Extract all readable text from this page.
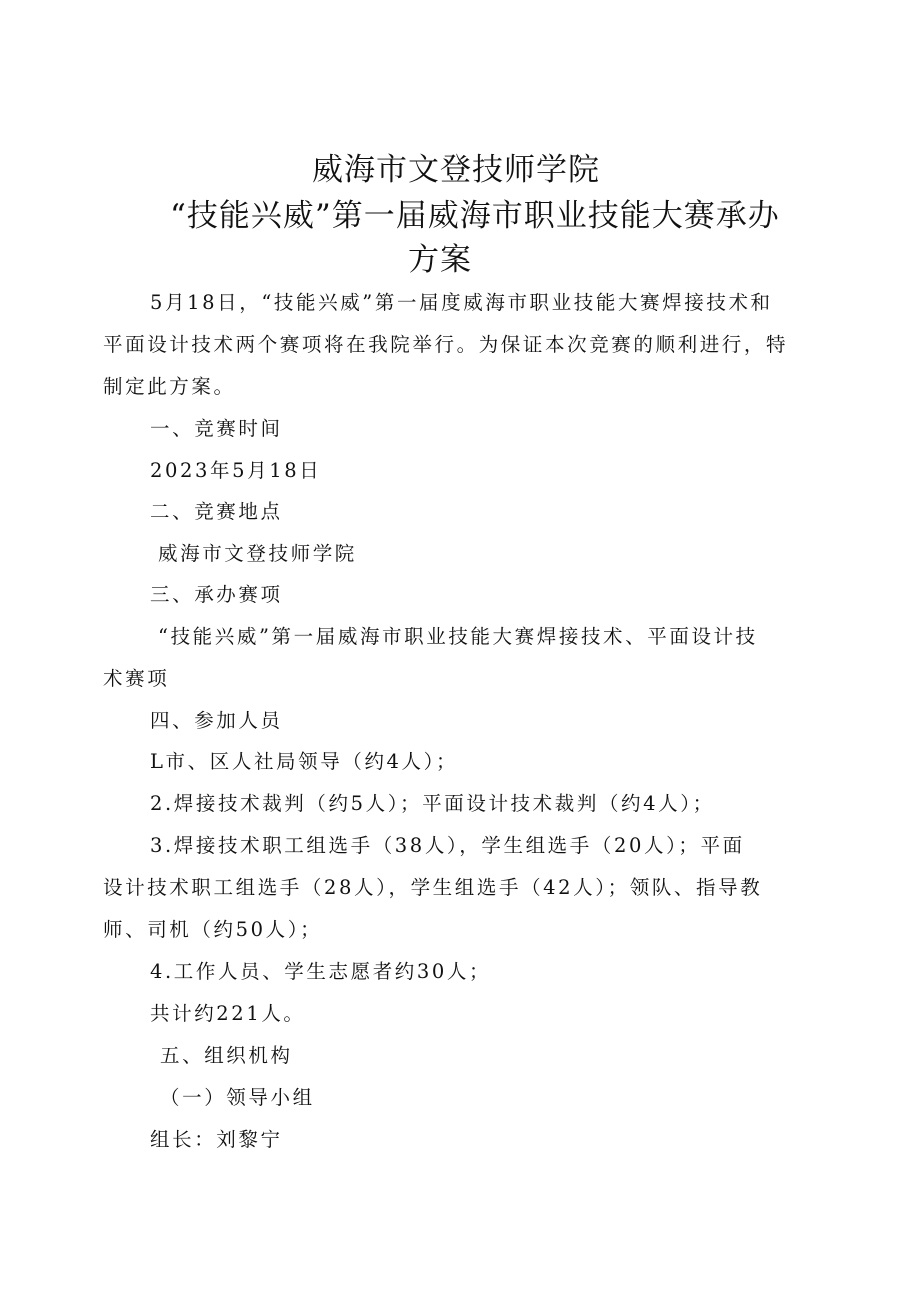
威海市文登技师学院
“技能兴威”第一届威海市职业技能大赛承办
方案
5月18日，“技能兴威”第一届度威海市职业技能大赛焊接技术和
平面设计技术两个赛项将在我院举行。为保证本次竞赛的顺利进行，特
制定此方案。
一、竞赛时间
2023年5月18日
二、竞赛地点
威海市文登技师学院
三、承办赛项
“技能兴威”第一届威海市职业技能大赛焊接技术、平面设计技
术赛项
四、参加人员
L市、区人社局领导（约4人）；
2.焊接技术裁判（约5人）；平面设计技术裁判（约4人）；
3.焊接技术职工组选手（38人），学生组选手（20人）；平面
设计技术职工组选手（28人），学生组选手（42人）；领队、指导教
师、司机（约50人）；
4.工作人员、学生志愿者约30人；
共计约221人。
五、组织机构
（一）领导小组
组长：刘黎宁
